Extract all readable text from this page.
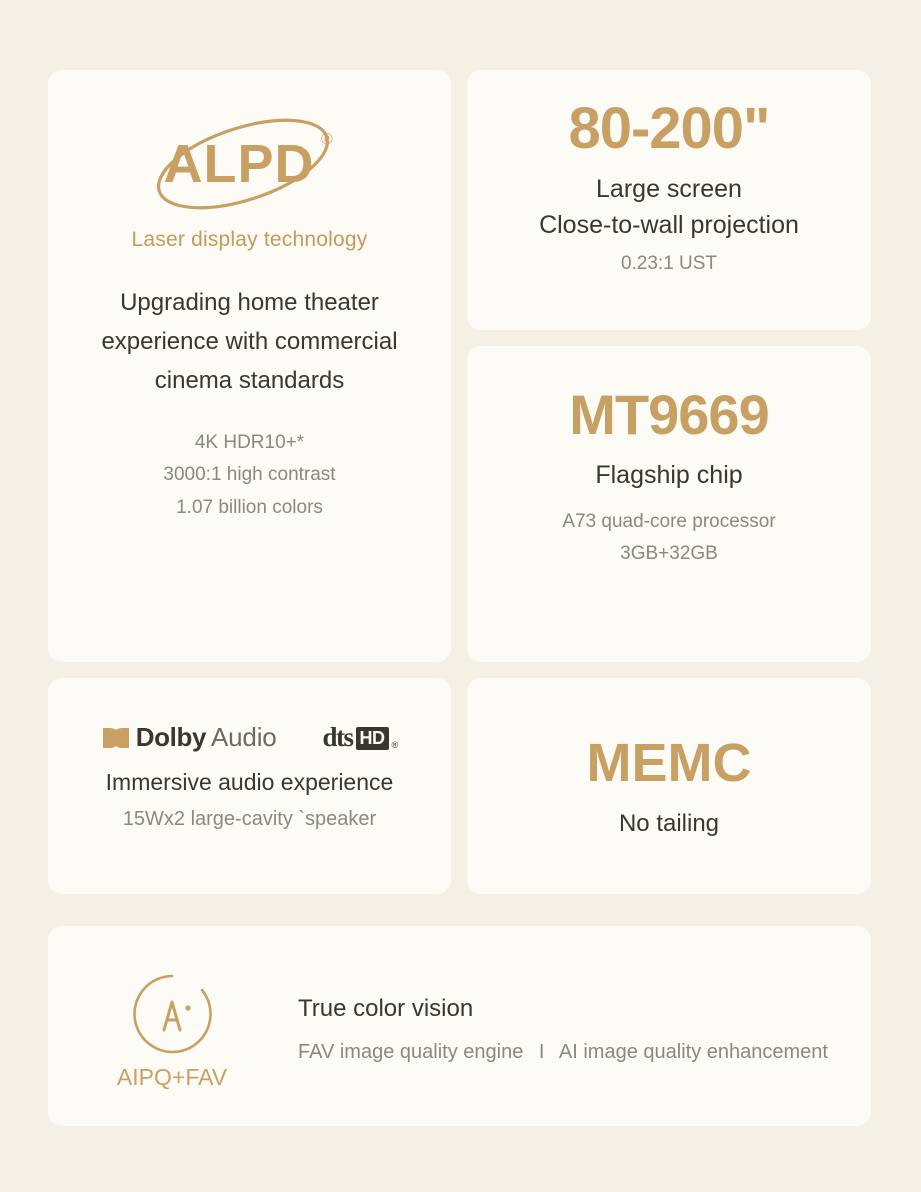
ALPD ®
Laser display technology
Upgrading home theater experience with commercial cinema standards
4K HDR10+*
3000:1 high contrast
1.07 billion colors
Dolby Audio dts HD ®
Immersive audio experience
15Wx2 large-cavity `speaker
80-200"
Large screen
Close-to-wall projection
0.23:1 UST
MT9669
Flagship chip
A73 quad-core processor
3GB+32GB
MEMC
No tailing
AIPQ+FAV
True color vision
FAV image quality engine I AI image quality enhancement
